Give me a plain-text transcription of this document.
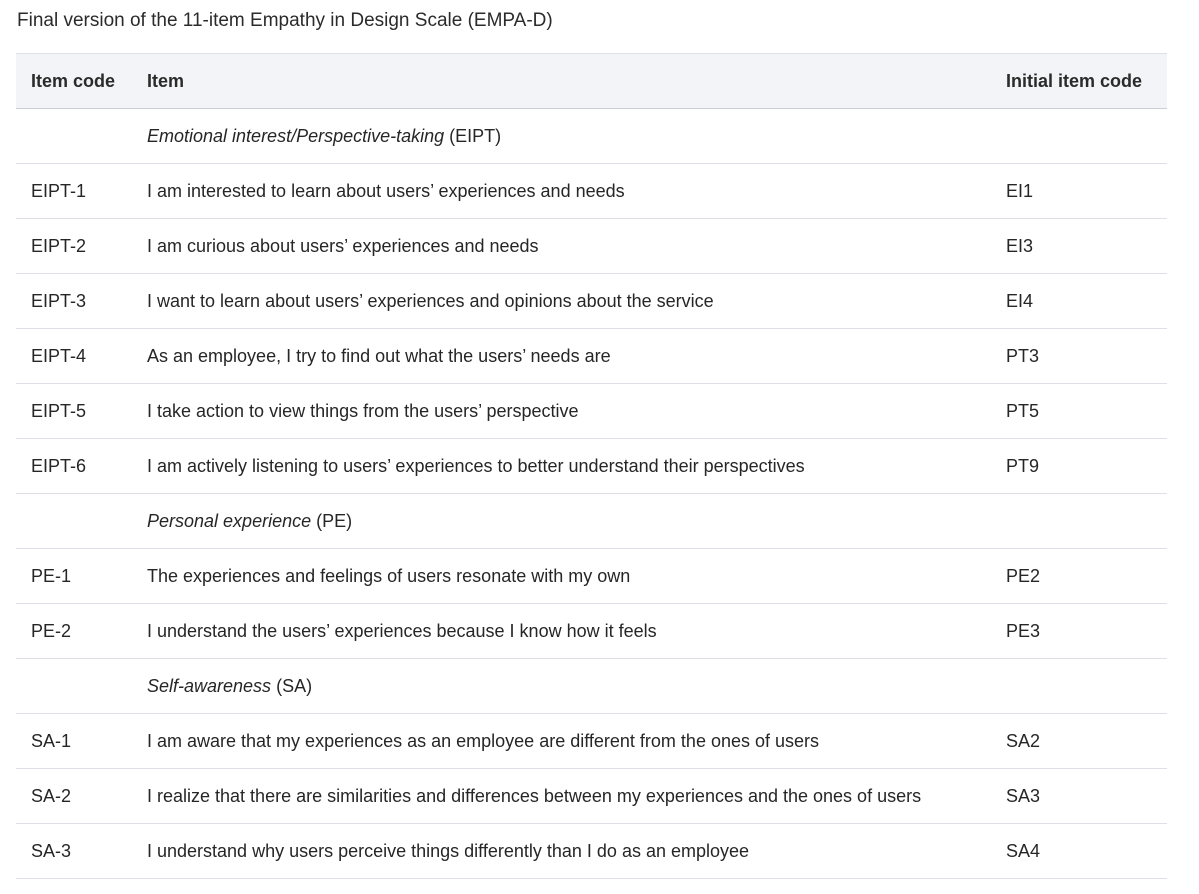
Final version of the 11-item Empathy in Design Scale (EMPA-D)
Item code	Item	Initial item code
	Emotional interest/Perspective-taking (EIPT)	
EIPT-1	I am interested to learn about users’ experiences and needs	EI1
EIPT-2	I am curious about users’ experiences and needs	EI3
EIPT-3	I want to learn about users’ experiences and opinions about the service	EI4
EIPT-4	As an employee, I try to find out what the users’ needs are	PT3
EIPT-5	I take action to view things from the users’ perspective	PT5
EIPT-6	I am actively listening to users’ experiences to better understand their perspectives	PT9
	Personal experience (PE)	
PE-1	The experiences and feelings of users resonate with my own	PE2
PE-2	I understand the users’ experiences because I know how it feels	PE3
	Self-awareness (SA)	
SA-1	I am aware that my experiences as an employee are different from the ones of users	SA2
SA-2	I realize that there are similarities and differences between my experiences and the ones of users	SA3
SA-3	I understand why users perceive things differently than I do as an employee	SA4
